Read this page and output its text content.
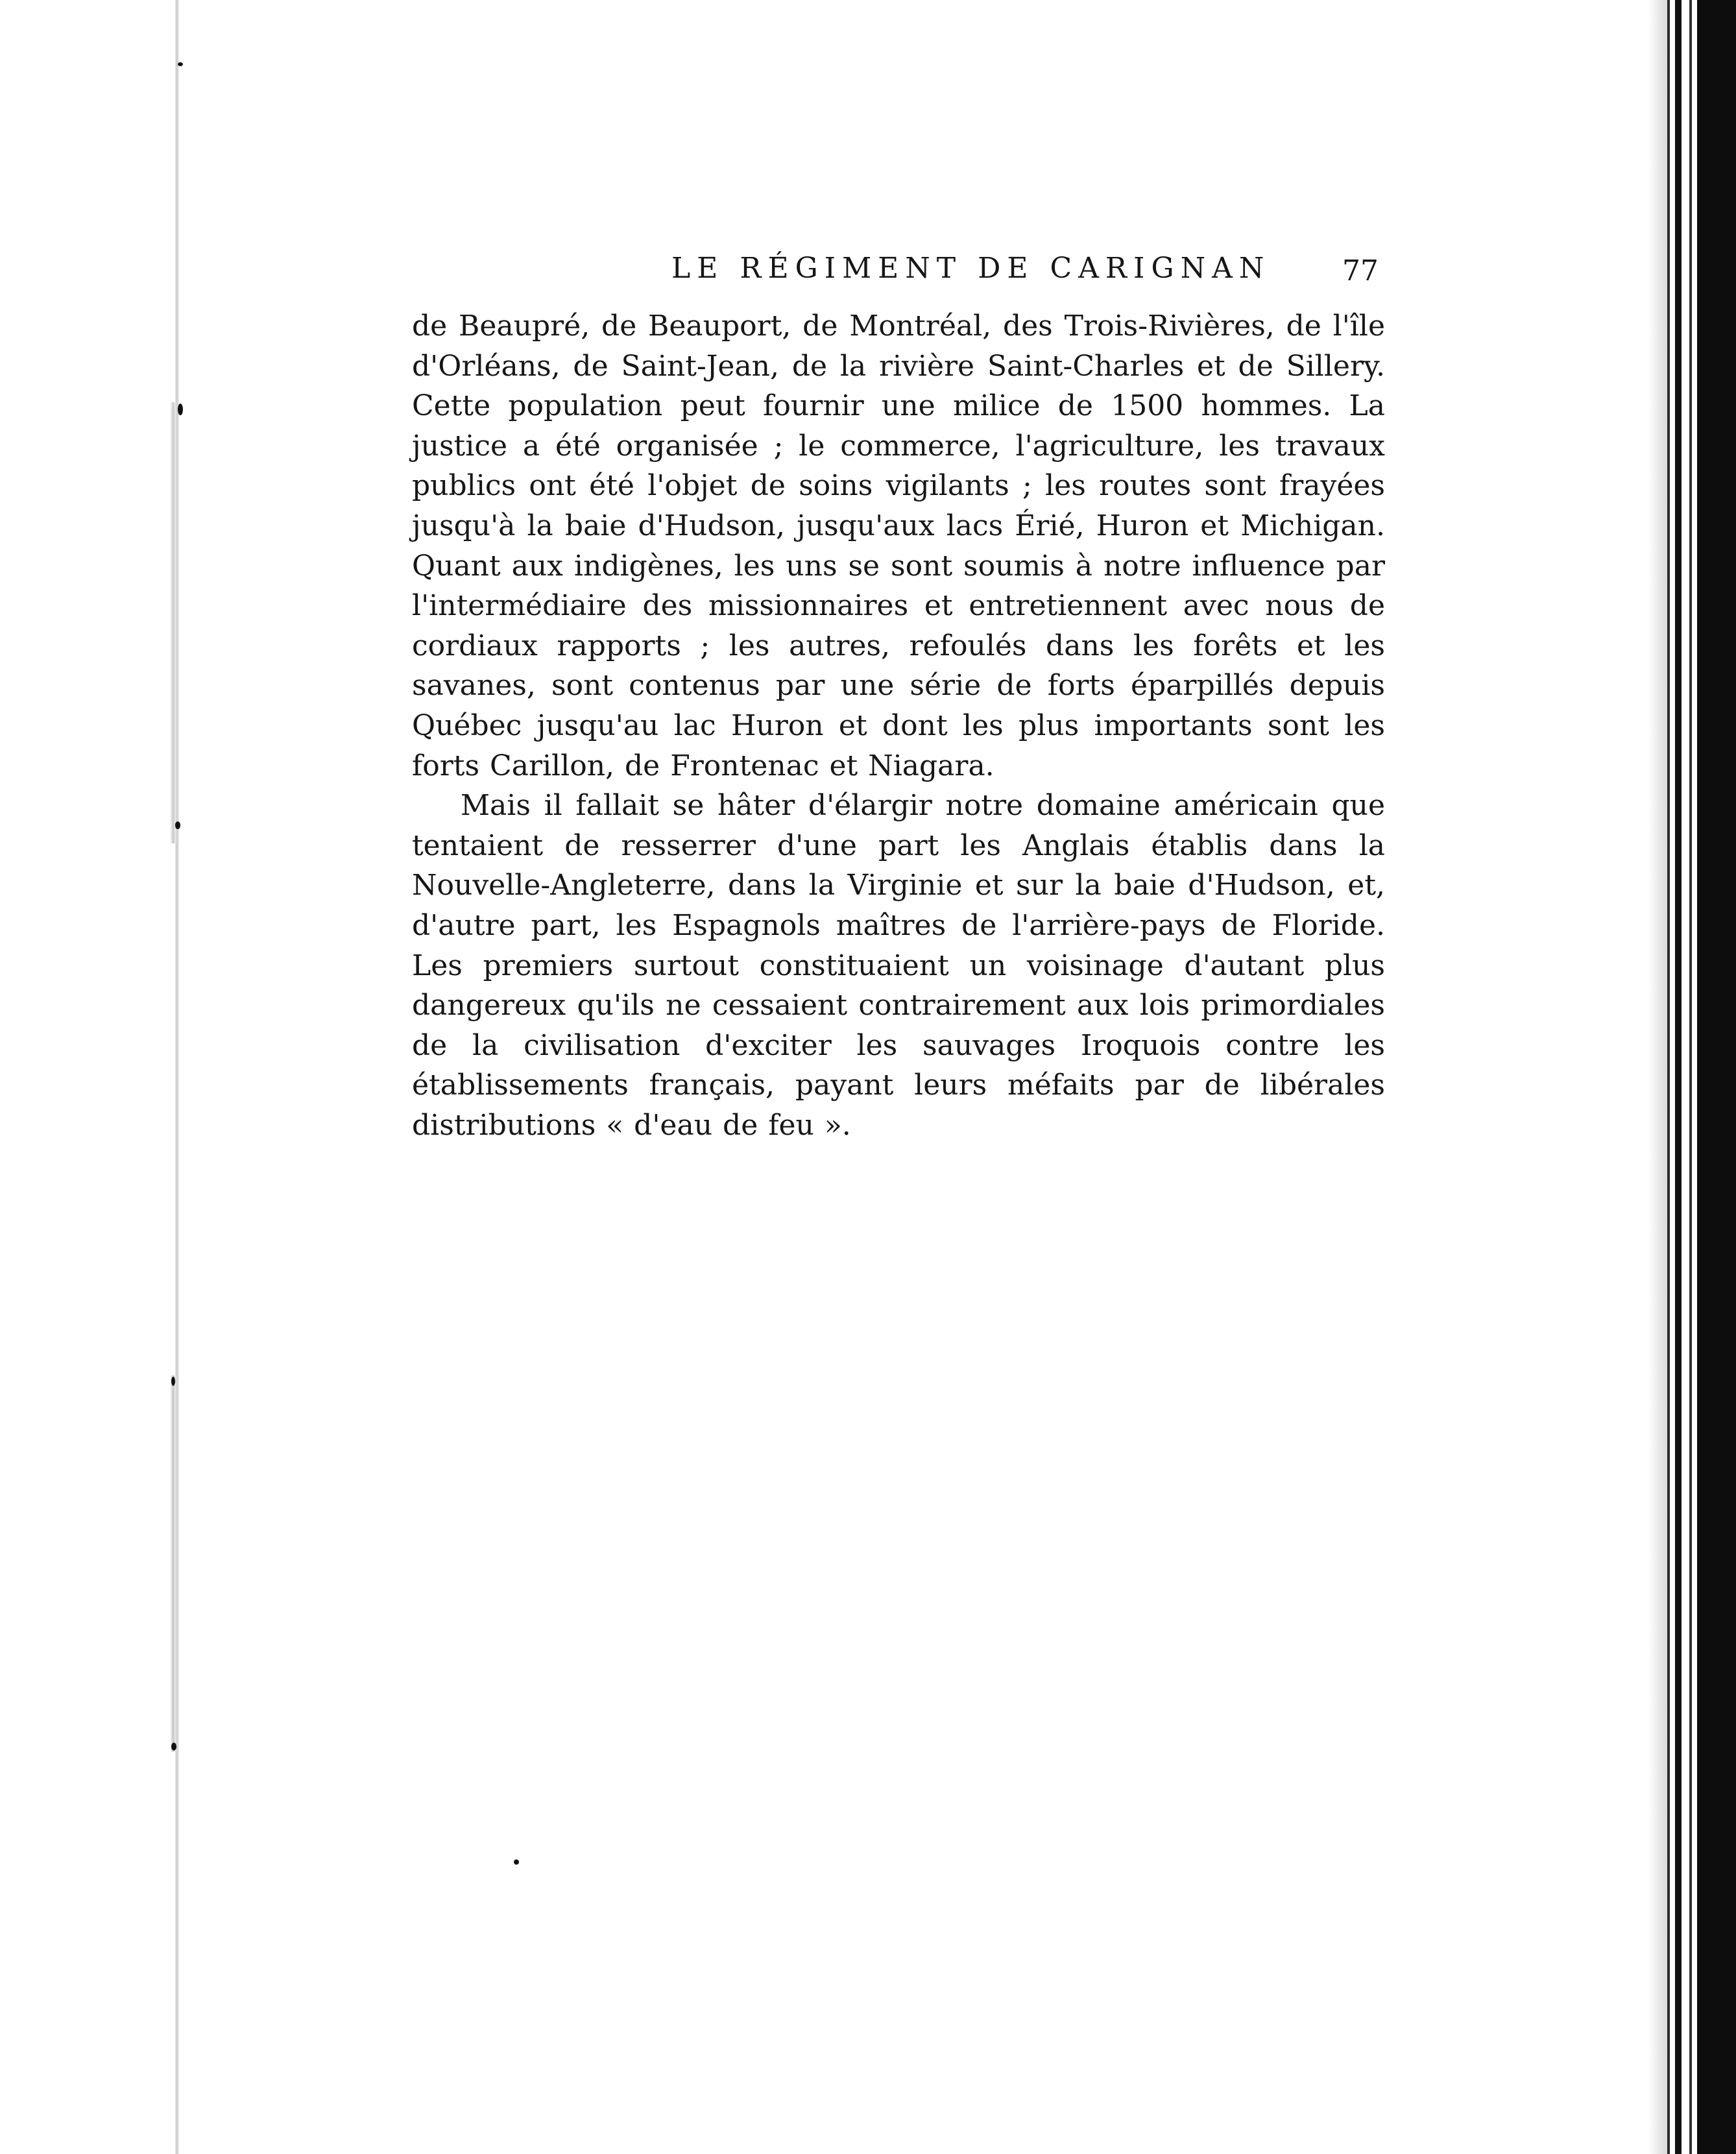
LE RÉGIMENT DE CARIGNAN	77

de Beaupré, de Beauport, de Montréal, des Trois-Rivières, de l'île d'Orléans, de Saint-Jean, de la rivière Saint-Charles et de Sillery. Cette population peut fournir une milice de 1500 hommes. La justice a été organisée ; le commerce, l'agriculture, les travaux publics ont été l'objet de soins vigilants ; les routes sont frayées jusqu'à la baie d'Hudson, jusqu'aux lacs Érié, Huron et Michigan. Quant aux indigènes, les uns se sont soumis à notre influence par l'intermédiaire des missionnaires et entretiennent avec nous de cordiaux rapports ; les autres, refoulés dans les forêts et les savanes, sont contenus par une série de forts éparpillés depuis Québec jusqu'au lac Huron et dont les plus importants sont les forts Carillon, de Frontenac et Niagara.

Mais il fallait se hâter d'élargir notre domaine américain que tentaient de resserrer d'une part les Anglais établis dans la Nouvelle-Angleterre, dans la Virginie et sur la baie d'Hudson, et, d'autre part, les Espagnols maîtres de l'arrière-pays de Floride. Les premiers surtout constituaient un voisinage d'autant plus dangereux qu'ils ne cessaient contrairement aux lois primordiales de la civilisation d'exciter les sauvages Iroquois contre les établissements français, payant leurs méfaits par de libérales distributions « d'eau de feu ».
